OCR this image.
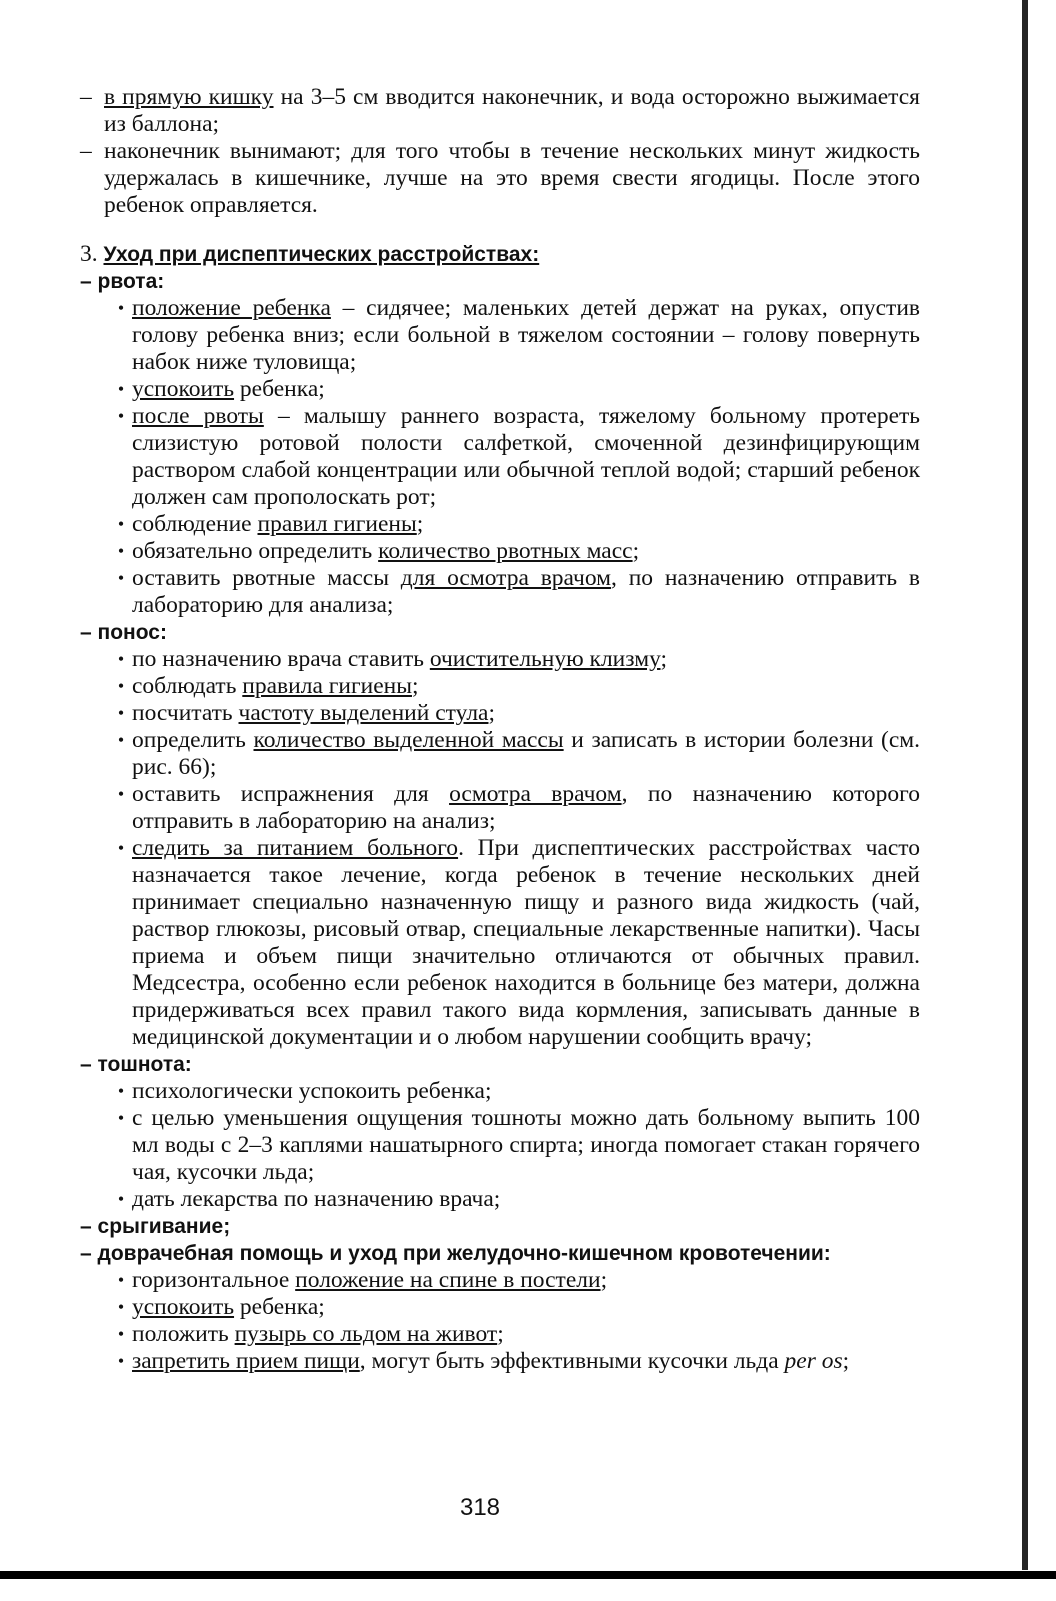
– в прямую кишку на 3–5 см вводится наконечник, и вода осторожно выжимается из баллона;
– наконечник вынимают; для того чтобы в течение нескольких минут жидкость удержалась в кишечнике, лучше на это время свести ягодицы. После этого ребенок оправляется.
3. Уход при диспептических расстройствах:
– рвота:
• положение ребенка – сидячее; маленьких детей держат на руках, опустив голову ребенка вниз; если больной в тяжелом состоянии – голову повернуть набок ниже туловища;
• успокоить ребенка;
• после рвоты – малышу раннего возраста, тяжелому больному протереть слизистую ротовой полости салфеткой, смоченной дезинфицирующим раствором слабой концентрации или обычной теплой водой; старший ребенок должен сам прополоскать рот;
• соблюдение правил гигиены;
• обязательно определить количество рвотных масс;
• оставить рвотные массы для осмотра врачом, по назначению отправить в лабораторию для анализа;
– понос:
• по назначению врача ставить очистительную клизму;
• соблюдать правила гигиены;
• посчитать частоту выделений стула;
• определить количество выделенной массы и записать в истории болезни (см. рис. 66);
• оставить испражнения для осмотра врачом, по назначению которого отправить в лабораторию на анализ;
• следить за питанием больного. При диспептических расстройствах часто назначается такое лечение, когда ребенок в течение нескольких дней принимает специально назначенную пищу и разного вида жидкость (чай, раствор глюкозы, рисовый отвар, специальные лекарственные напитки). Часы приема и объем пищи значительно отличаются от обычных правил. Медсестра, особенно если ребенок находится в больнице без матери, должна придерживаться всех правил такого вида кормления, записывать данные в медицинской документации и о любом нарушении сообщить врачу;
– тошнота:
• психологически успокоить ребенка;
• с целью уменьшения ощущения тошноты можно дать больному выпить 100 мл воды с 2–3 каплями нашатырного спирта; иногда помогает стакан горячего чая, кусочки льда;
• дать лекарства по назначению врача;
– срыгивание;
– доврачебная помощь и уход при желудочно-кишечном кровотечении:
• горизонтальное положение на спине в постели;
• успокоить ребенка;
• положить пузырь со льдом на живот;
• запретить прием пищи, могут быть эффективными кусочки льда per os;
318
